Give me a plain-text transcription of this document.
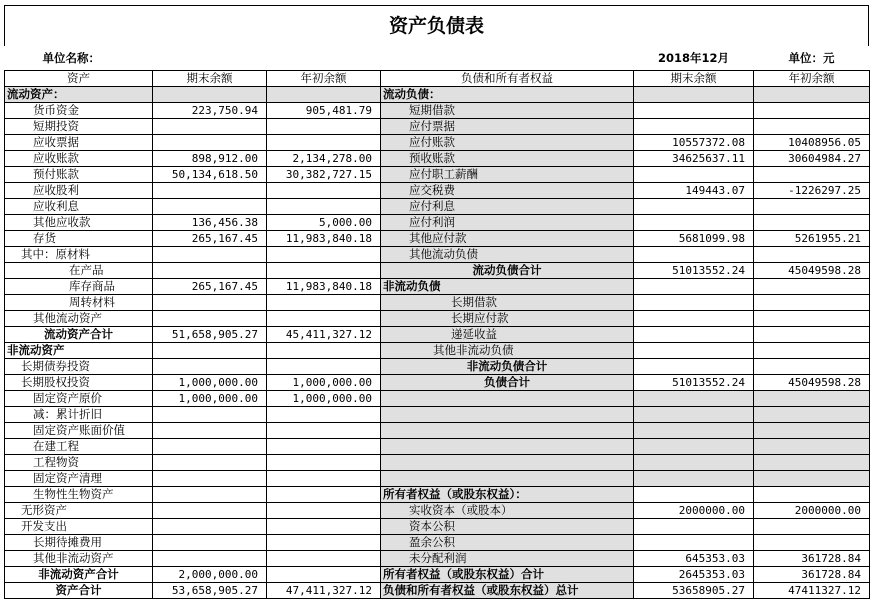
资产负债表
单位名称：				2018年12月	单位：元
资产	期末余额	年初余额	负债和所有者权益	期末余额	年初余额
流动资产：			流动负债：		
货币资金	223,750.94	905,481.79	短期借款		
短期投资			应付票据		
应收票据			应付账款	10557372.08	10408956.05
应收账款	898,912.00	2,134,278.00	预收账款	34625637.11	30604984.27
预付账款	50,134,618.50	30,382,727.15	应付职工薪酬		
应收股利			应交税费	149443.07	-1226297.25
应收利息			应付利息		
其他应收款	136,456.38	5,000.00	应付利润		
存货	265,167.45	11,983,840.18	其他应付款	5681099.98	5261955.21
其中：原材料			其他流动负债		
在产品			流动负债合计	51013552.24	45049598.28
库存商品	265,167.45	11,983,840.18	非流动负债		
周转材料			长期借款		
其他流动资产			长期应付款		
流动资产合计	51,658,905.27	45,411,327.12	递延收益		
非流动资产			其他非流动负债		
长期债券投资			非流动负债合计		
长期股权投资	1,000,000.00	1,000,000.00	负债合计	51013552.24	45049598.28
固定资产原价	1,000,000.00	1,000,000.00			
减：累计折旧					
固定资产账面价值					
在建工程					
工程物资					
固定资产清理					
生物性生物资产			所有者权益（或股东权益）：		
无形资产			实收资本（或股本）	2000000.00	2000000.00
开发支出			资本公积		
长期待摊费用			盈余公积		
其他非流动资产			未分配利润	645353.03	361728.84
非流动资产合计	2,000,000.00		所有者权益（或股东权益）合计	2645353.03	361728.84
资产合计	53,658,905.27	47,411,327.12	负债和所有者权益（或股东权益）总计	53658905.27	47411327.12
